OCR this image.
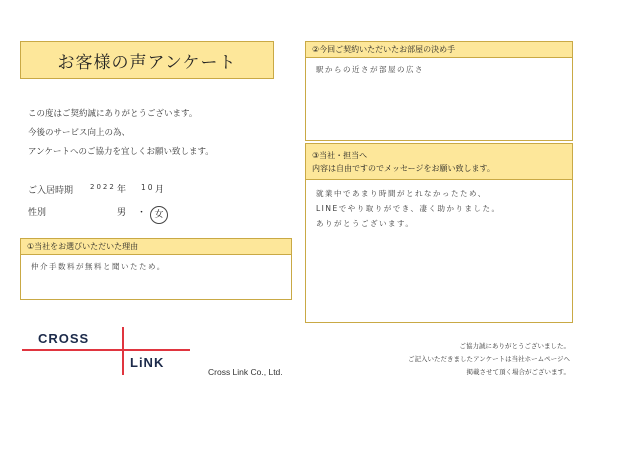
お客様の声アンケート
この度はご契約誠にありがとうございます。
今後のサービス向上の為、
アンケートへのご協力を宜しくお願い致します。
ご入居時期 2022 年 10 月
性別	男 ・ 女
①当社をお選びいただいた理由
仲介手数料が無料と聞いたため。
②今回ご契約いただいたお部屋の決め手
駅からの近さが部屋の広さ
③当社・担当へ
内容は自由ですのでメッセージをお願い致します。
就業中であまり時間がとれなかったため、
LINEでやり取りができ、凄く助かりました。
ありがとうございます。
CROSS
LiNK
Cross Link Co., Ltd.
ご協力誠にありがとうございました。
ご記入いただきましたアンケートは当社ホームページへ
掲載させて頂く場合がございます。
